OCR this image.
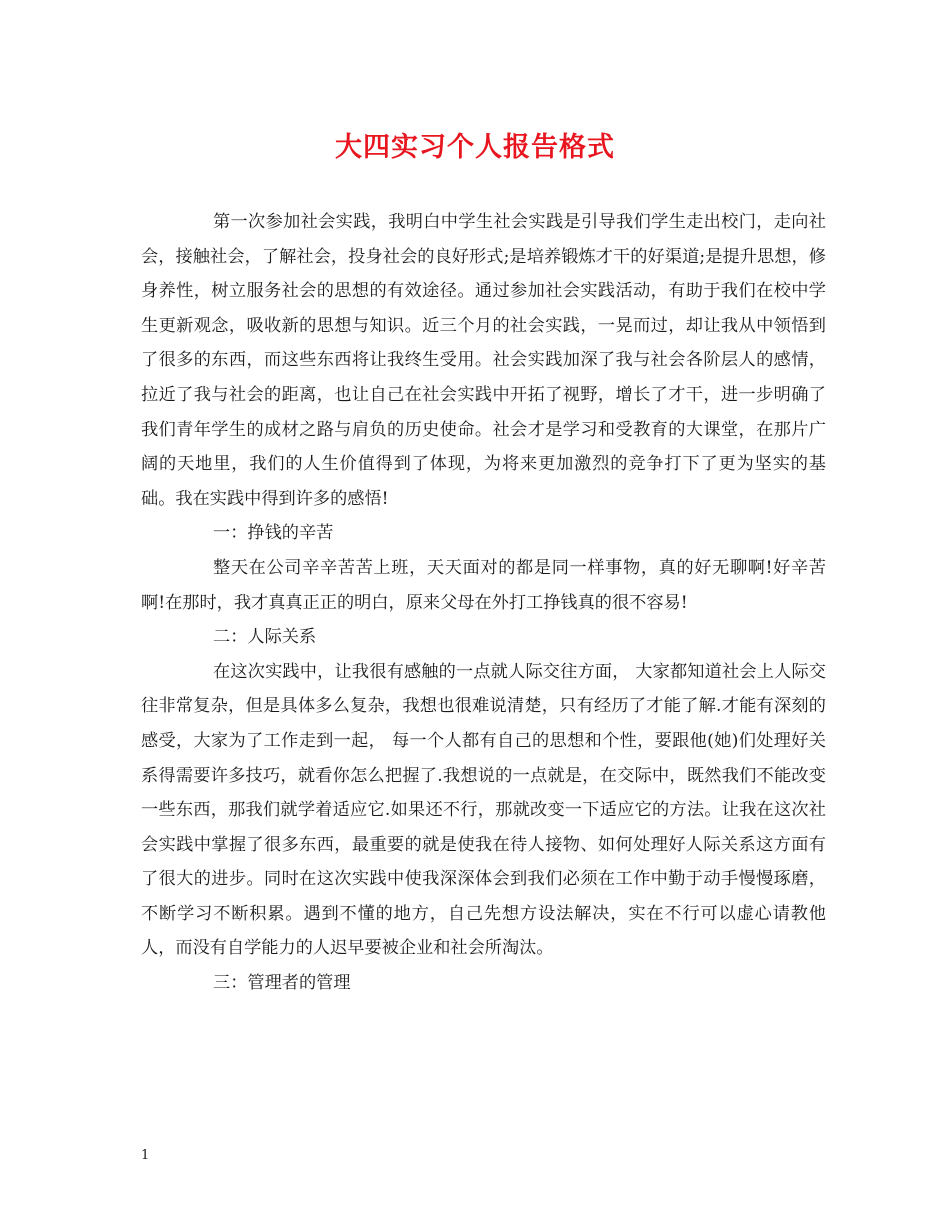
大四实习个人报告格式

第一次参加社会实践，我明白中学生社会实践是引导我们学生走出校门，走向社会，接触社会，了解社会，投身社会的良好形式;是培养锻炼才干的好渠道;是提升思想，修身养性，树立服务社会的思想的有效途径。通过参加社会实践活动，有助于我们在校中学生更新观念，吸收新的思想与知识。近三个月的社会实践，一晃而过，却让我从中领悟到了很多的东西，而这些东西将让我终生受用。社会实践加深了我与社会各阶层人的感情，拉近了我与社会的距离，也让自己在社会实践中开拓了视野，增长了才干，进一步明确了我们青年学生的成材之路与肩负的历史使命。社会才是学习和受教育的大课堂，在那片广阔的天地里，我们的人生价值得到了体现，为将来更加激烈的竞争打下了更为坚实的基础。我在实践中得到许多的感悟!

一：挣钱的辛苦

整天在公司辛辛苦苦上班，天天面对的都是同一样事物，真的好无聊啊!好辛苦啊!在那时，我才真真正正的明白，原来父母在外打工挣钱真的很不容易!

二：人际关系

在这次实践中，让我很有感触的一点就人际交往方面， 大家都知道社会上人际交往非常复杂，但是具体多么复杂，我想也很难说清楚，只有经历了才能了解.才能有深刻的感受，大家为了工作走到一起， 每一个人都有自己的思想和个性，要跟他(她)们处理好关系得需要许多技巧，就看你怎么把握了.我想说的一点就是，在交际中，既然我们不能改变一些东西，那我们就学着适应它.如果还不行，那就改变一下适应它的方法。让我在这次社会实践中掌握了很多东西，最重要的就是使我在待人接物、如何处理好人际关系这方面有了很大的进步。同时在这次实践中使我深深体会到我们必须在工作中勤于动手慢慢琢磨，不断学习不断积累。遇到不懂的地方，自己先想方设法解决，实在不行可以虚心请教他人，而没有自学能力的人迟早要被企业和社会所淘汰。

三：管理者的管理

1
